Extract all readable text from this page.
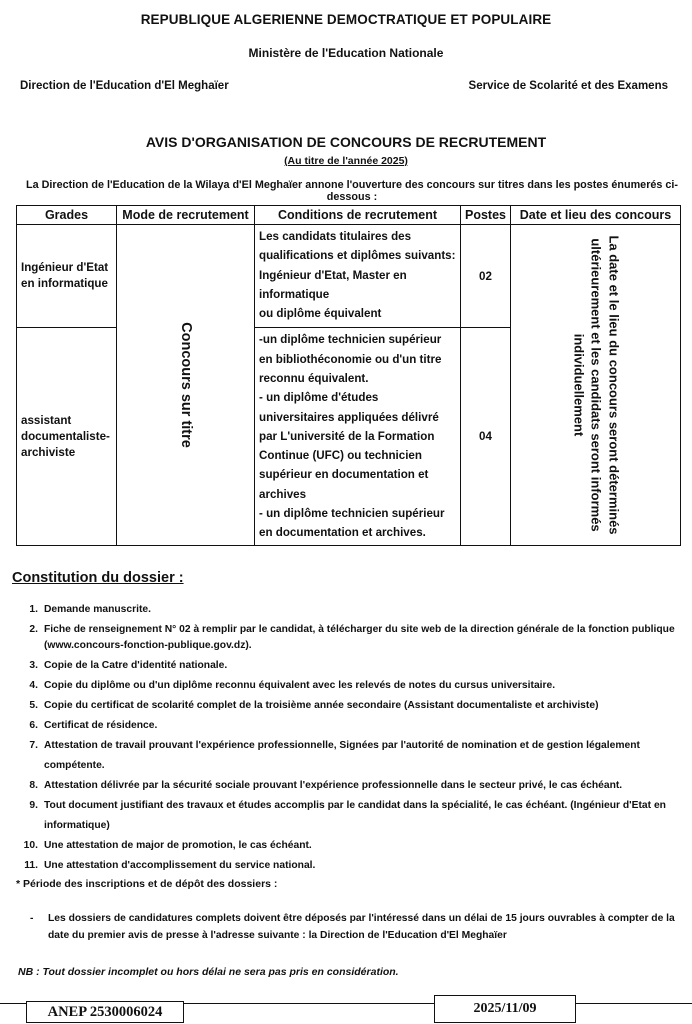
REPUBLIQUE ALGERIENNE DEMOCTRATIQUE ET POPULAIRE
Ministère de l'Education Nationale
Direction de l'Education d'El Meghaïer	Service de Scolarité et des Examens
AVIS D'ORGANISATION DE CONCOURS DE RECRUTEMENT
(Au titre de l'année 2025)
La Direction de l'Education de la Wilaya d'El Meghaïer annone l'ouverture des concours sur titres dans les postes énumerés ci-dessous :
Grades	Mode de recrutement	Conditions de recrutement	Postes	Date et lieu des concours
Ingénieur d'Etat en informatique	Concours sur titre	Les candidats titulaires des qualifications et diplômes suivants: Ingénieur d'Etat, Master en informatique
ou diplôme équivalent	02	La date et le lieu du concours seront déterminés ultérieurement et les candidats seront informés individuellement

assistant documentaliste-archiviste		-un diplôme technicien supérieur en bibliothéconomie ou d'un titre reconnu équivalent.
- un diplôme d'études universitaires appliquées délivré par L'université de la Formation Continue (UFC) ou technicien supérieur en documentation et archives
- un diplôme technicien supérieur en documentation et archives.	04	
Constitution du dossier :
1. Demande manuscrite.
2. Fiche de renseignement N° 02 à remplir par le candidat, à télécharger du site web de la direction générale de la fonction publique (www.concours-fonction-publique.gov.dz).
3. Copie de la Catre d'identité nationale.
4. Copie du diplôme ou d'un diplôme reconnu équivalent avec les relevés de notes du cursus universitaire.
5. Copie du certificat de scolarité complet de la troisième année secondaire (Assistant documentaliste et archiviste)
6. Certificat de résidence.
7. Attestation de travail prouvant l'expérience professionnelle, Signées par l'autorité de nomination et de gestion légalement compétente.
8. Attestation délivrée par la sécurité sociale prouvant l'expérience professionnelle dans le secteur privé, le cas échéant.
9. Tout document justifiant des travaux et études accomplis par le candidat dans la spécialité, le cas échéant. (Ingénieur d'Etat en informatique)
10. Une attestation de major de promotion, le cas échéant.
11. Une attestation d'accomplissement du service national.
* Période des inscriptions et de dépôt des dossiers :
-	Les dossiers de candidatures complets doivent être déposés par l'intéressé dans un délai de 15 jours ouvrables à compter de la date du premier avis de presse à l'adresse suivante : la Direction de l'Education d'El Meghaïer
NB : Tout dossier incomplet ou hors délai ne sera pas pris en considération.
ANEP 2530006024	2025/11/09
